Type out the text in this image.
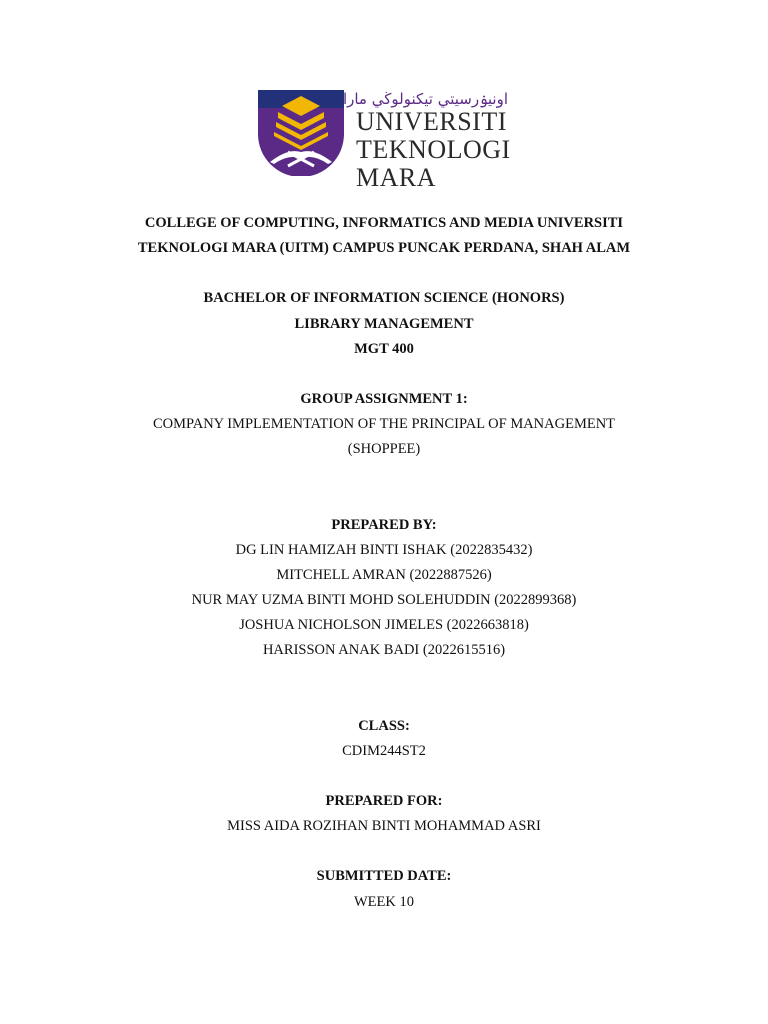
اونيۏرسيتي تيكنولوڬي مارا
UNIVERSITI
TEKNOLOGI
MARA
COLLEGE OF COMPUTING, INFORMATICS AND MEDIA UNIVERSITI
TEKNOLOGI MARA (UITM) CAMPUS PUNCAK PERDANA, SHAH ALAM
BACHELOR OF INFORMATION SCIENCE (HONORS)
LIBRARY MANAGEMENT
MGT 400
GROUP ASSIGNMENT 1:
COMPANY IMPLEMENTATION OF THE PRINCIPAL OF MANAGEMENT
(SHOPPEE)
PREPARED BY:
DG LIN HAMIZAH BINTI ISHAK (2022835432)
MITCHELL AMRAN (2022887526)
NUR MAY UZMA BINTI MOHD SOLEHUDDIN (2022899368)
JOSHUA NICHOLSON JIMELES (2022663818)
HARISSON ANAK BADI (2022615516)
CLASS:
CDIM244ST2
PREPARED FOR:
MISS AIDA ROZIHAN BINTI MOHAMMAD ASRI
SUBMITTED DATE:
WEEK 10
